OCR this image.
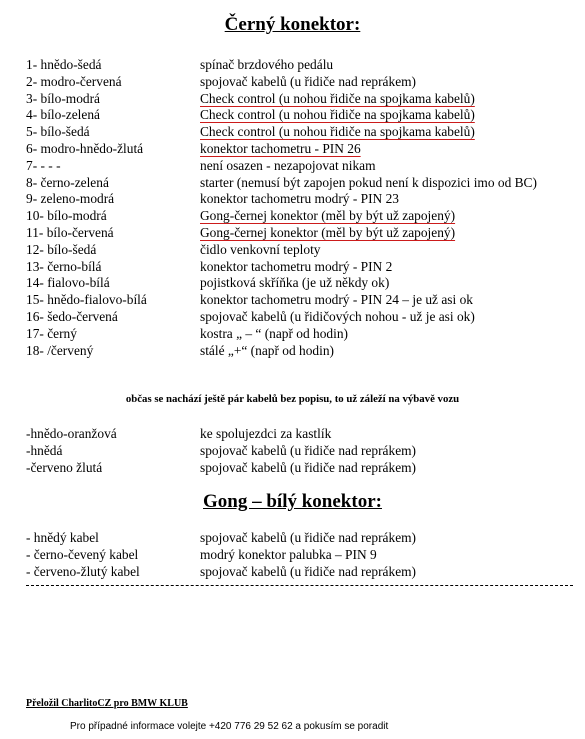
Černý konektor:
1- hnědo-šedá	spínač brzdového pedálu
2- modro-červená	spojovač kabelů (u řidiče nad reprákem)
3- bílo-modrá	Check control (u nohou řidiče na spojkama kabelů)
4- bílo-zelená	Check control (u nohou řidiče na spojkama kabelů)
5- bílo-šedá	Check control (u nohou řidiče na spojkama kabelů)
6- modro-hnědo-žlutá	konektor tachometru - PIN 26
7- - - -	není osazen - nezapojovat nikam
8- černo-zelená	starter (nemusí být zapojen pokud není k dispozici imo od BC)
9- zeleno-modrá	konektor tachometru modrý - PIN 23
10- bílo-modrá	Gong-černej konektor (měl by být už zapojený)
11- bílo-červená	Gong-černej konektor (měl by být už zapojený)
12- bílo-šedá	čidlo venkovní teploty
13- černo-bílá	konektor tachometru modrý - PIN 2
14- fialovo-bílá	pojistková skříňka (je už někdy ok)
15- hnědo-fialovo-bílá	konektor tachometru modrý - PIN 24 – je už asi ok
16- šedo-červená	spojovač kabelů (u řidičových nohou - už je asi ok)
17- černý	kostra „ – “ (např od hodin)
18- /červený	stálé „+“ (např od hodin)
občas se nachází ještě pár kabelů bez popisu, to už záleží na výbavě vozu
-hnědo-oranžová	ke spolujezdci za kastlík
-hnědá	spojovač kabelů (u řidiče nad reprákem)
-červeno žlutá	spojovač kabelů (u řidiče nad reprákem)
Gong – bílý konektor:
- hnědý kabel	spojovač kabelů (u řidiče nad reprákem)
- černo-čevený kabel	modrý konektor palubka – PIN 9
- červeno-žlutý kabel	spojovač kabelů (u řidiče nad reprákem)
Přeložil CharlitoCZ pro BMW KLUB
Pro případné informace volejte +420 776 29 52 62 a pokusím se poradit
